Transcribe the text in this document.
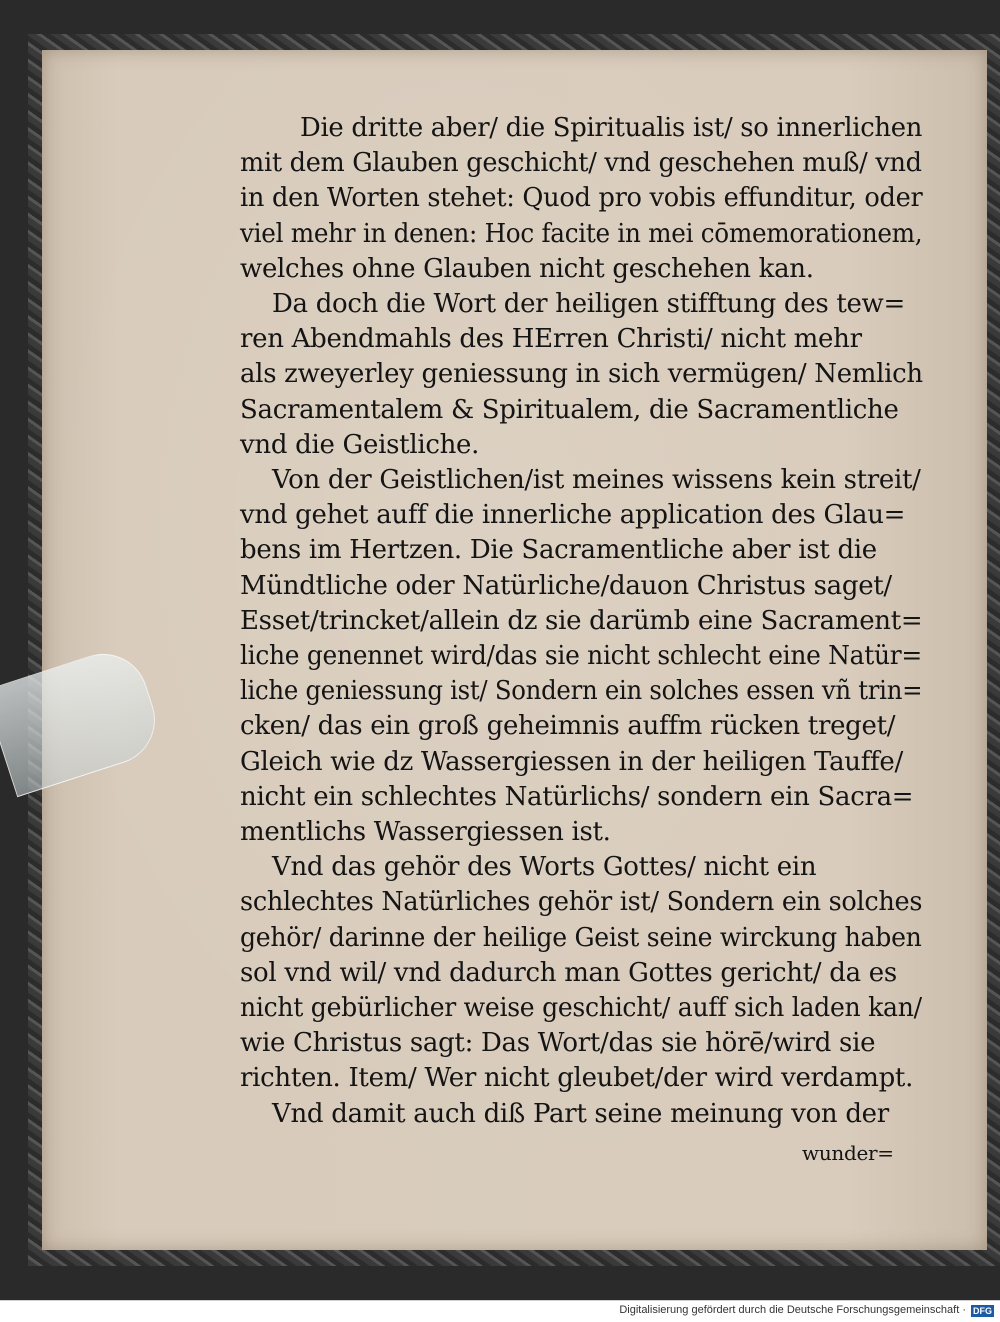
Die dritte aber/ die Spiritualis ist/ so innerlichen
mit dem Glauben geschicht/ vnd geschehen muß/ vnd
in den Worten stehet: Quod pro vobis effunditur, oder
viel mehr in denen: Hoc facite in mei cōmemorationem,
welches ohne Glauben nicht geschehen kan.
Da doch die Wort der heiligen stifftung des tew=
ren Abendmahls des HErren Christi/ nicht mehr
als zweyerley geniessung in sich vermügen/ Nemlich
Sacramentalem & Spiritualem, die Sacramentliche
vnd die Geistliche.
Von der Geistlichen/ist meines wissens kein streit/
vnd gehet auff die innerliche application des Glau=
bens im Hertzen. Die Sacramentliche aber ist die
Mündtliche oder Natürliche/dauon Christus saget/
Esset/trincket/allein dz sie darümb eine Sacrament=
liche genennet wird/das sie nicht schlecht eine Natür=
liche geniessung ist/ Sondern ein solches essen vñ trin=
cken/ das ein groß geheimnis auffm rücken treget/
Gleich wie dz Wassergiessen in der heiligen Tauffe/
nicht ein schlechtes Natürlichs/ sondern ein Sacra=
mentlichs Wassergiessen ist.
Vnd das gehör des Worts Gottes/ nicht ein
schlechtes Natürliches gehör ist/ Sondern ein solches
gehör/ darinne der heilige Geist seine wirckung haben
sol vnd wil/ vnd dadurch man Gottes gericht/ da es
nicht gebürlicher weise geschicht/ auff sich laden kan/
wie Christus sagt: Das Wort/das sie hörē/wird sie
richten. Item/ Wer nicht gleubet/der wird verdampt.
Vnd damit auch diß Part seine meinung von der
wunder=
Digitalisierung gefördert durch die Deutsche Forschungsgemeinschaft · DFG
